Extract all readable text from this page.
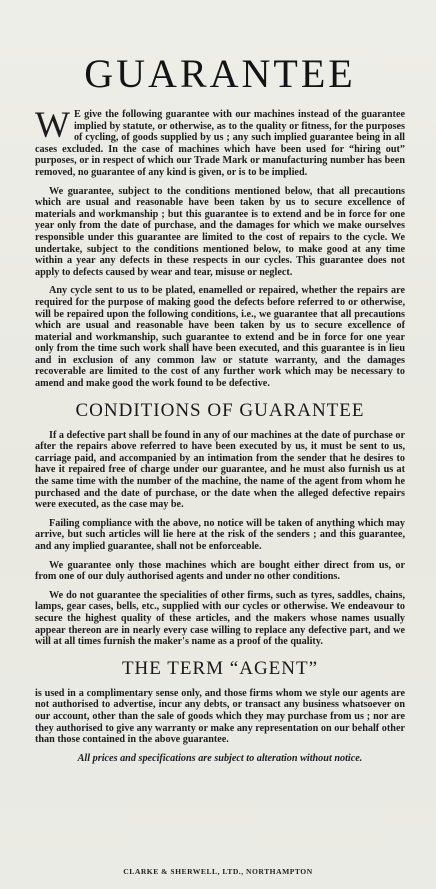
GUARANTEE

W E give the following guarantee with our machines instead of the guarantee implied by statute, or otherwise, as to the quality or fitness, for the purposes of cycling, of goods supplied by us ; any such implied guarantee being in all cases excluded. In the case of machines which have been used for “hiring out” purposes, or in respect of which our Trade Mark or manufacturing number has been removed, no guarantee of any kind is given, or is to be implied.

We guarantee, subject to the conditions mentioned below, that all precautions which are usual and reasonable have been taken by us to secure excellence of materials and workmanship ; but this guarantee is to extend and be in force for one year only from the date of purchase, and the damages for which we make ourselves responsible under this guarantee are limited to the cost of repairs to the cycle. We undertake, subject to the conditions mentioned below, to make good at any time within a year any defects in these respects in our cycles. This guarantee does not apply to defects caused by wear and tear, misuse or neglect.

Any cycle sent to us to be plated, enamelled or repaired, whether the repairs are required for the purpose of making good the defects before referred to or otherwise, will be repaired upon the following conditions, i.e., we guarantee that all precautions which are usual and reasonable have been taken by us to secure excellence of material and workmanship, such guarantee to extend and be in force for one year only from the time such work shall have been executed, and this guarantee is in lieu and in exclusion of any common law or statute warranty, and the damages recoverable are limited to the cost of any further work which may be necessary to amend and make good the work found to be defective.

CONDITIONS OF GUARANTEE

If a defective part shall be found in any of our machines at the date of purchase or after the repairs above referred to have been executed by us, it must be sent to us, carriage paid, and accompanied by an intimation from the sender that he desires to have it repaired free of charge under our guarantee, and he must also furnish us at the same time with the number of the machine, the name of the agent from whom he purchased and the date of purchase, or the date when the alleged defective repairs were executed, as the case may be.

Failing compliance with the above, no notice will be taken of anything which may arrive, but such articles will lie here at the risk of the senders ; and this guarantee, and any implied guarantee, shall not be enforceable.

We guarantee only those machines which are bought either direct from us, or from one of our duly authorised agents and under no other conditions.

We do not guarantee the specialities of other firms, such as tyres, saddles, chains, lamps, gear cases, bells, etc., supplied with our cycles or otherwise. We endeavour to secure the highest quality of these articles, and the makers whose names usually appear thereon are in nearly every case willing to replace any defective part, and we will at all times furnish the maker's name as a proof of the quality.

THE TERM “AGENT”

is used in a complimentary sense only, and those firms whom we style our agents are not authorised to advertise, incur any debts, or transact any business whatsoever on our account, other than the sale of goods which they may purchase from us ; nor are they authorised to give any warranty or make any representation on our behalf other than those contained in the above guarantee.

All prices and specifications are subject to alteration without notice.

CLARKE & SHERWELL, LTD., NORTHAMPTON
